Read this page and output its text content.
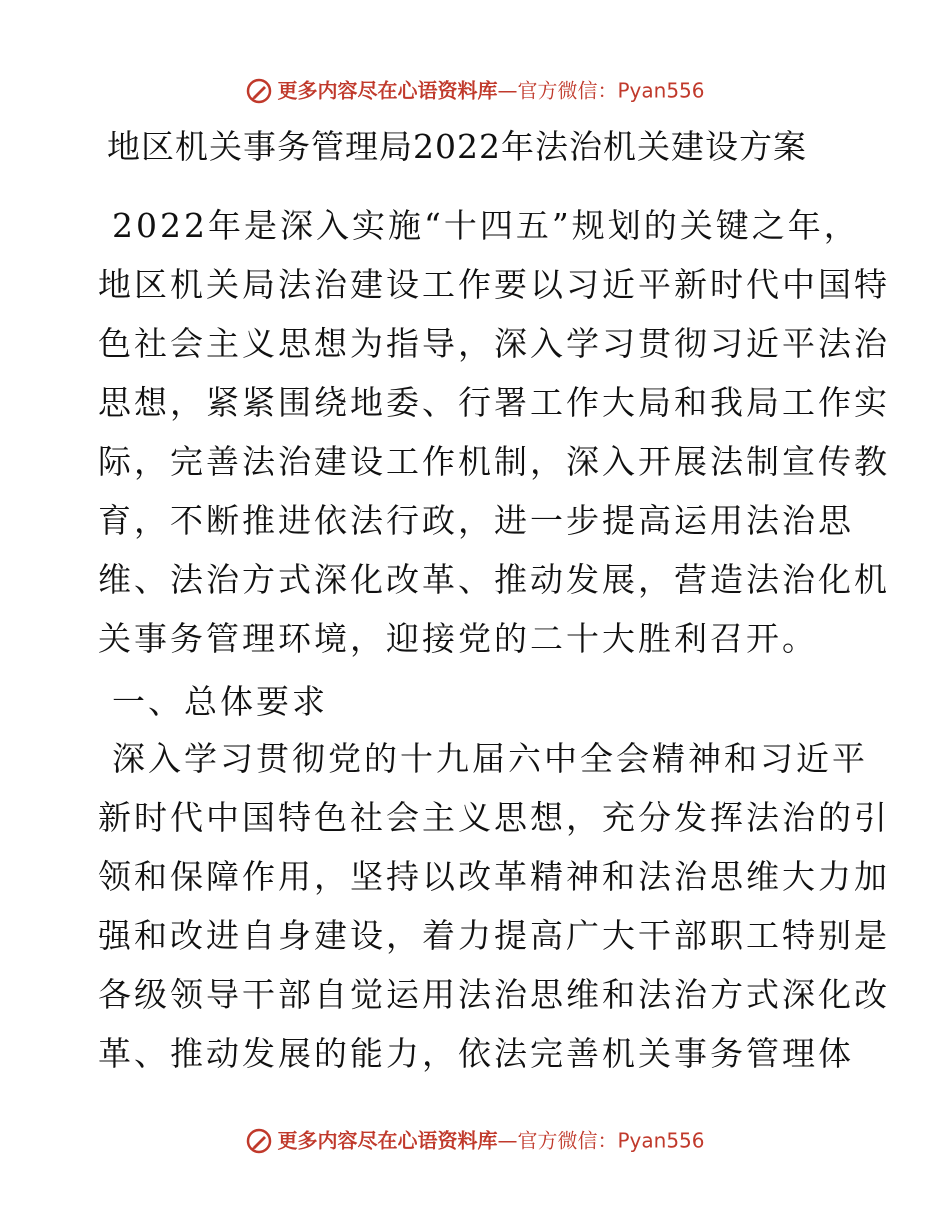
更多内容尽在心语资料库—官方微信：Pyan556
地区机关事务管理局2022年法治机关建设方案
2022年是深入实施“十四五”规划的关键之年，
地区机关局法治建设工作要以习近平新时代中国特
色社会主义思想为指导，深入学习贯彻习近平法治
思想，紧紧围绕地委、行署工作大局和我局工作实
际，完善法治建设工作机制，深入开展法制宣传教
育，不断推进依法行政，进一步提高运用法治思
维、法治方式深化改革、推动发展，营造法治化机
关事务管理环境，迎接党的二十大胜利召开。
一、总体要求
深入学习贯彻党的十九届六中全会精神和习近平
新时代中国特色社会主义思想，充分发挥法治的引
领和保障作用，坚持以改革精神和法治思维大力加
强和改进自身建设，着力提高广大干部职工特别是
各级领导干部自觉运用法治思维和法治方式深化改
革、推动发展的能力，依法完善机关事务管理体
更多内容尽在心语资料库—官方微信：Pyan556
